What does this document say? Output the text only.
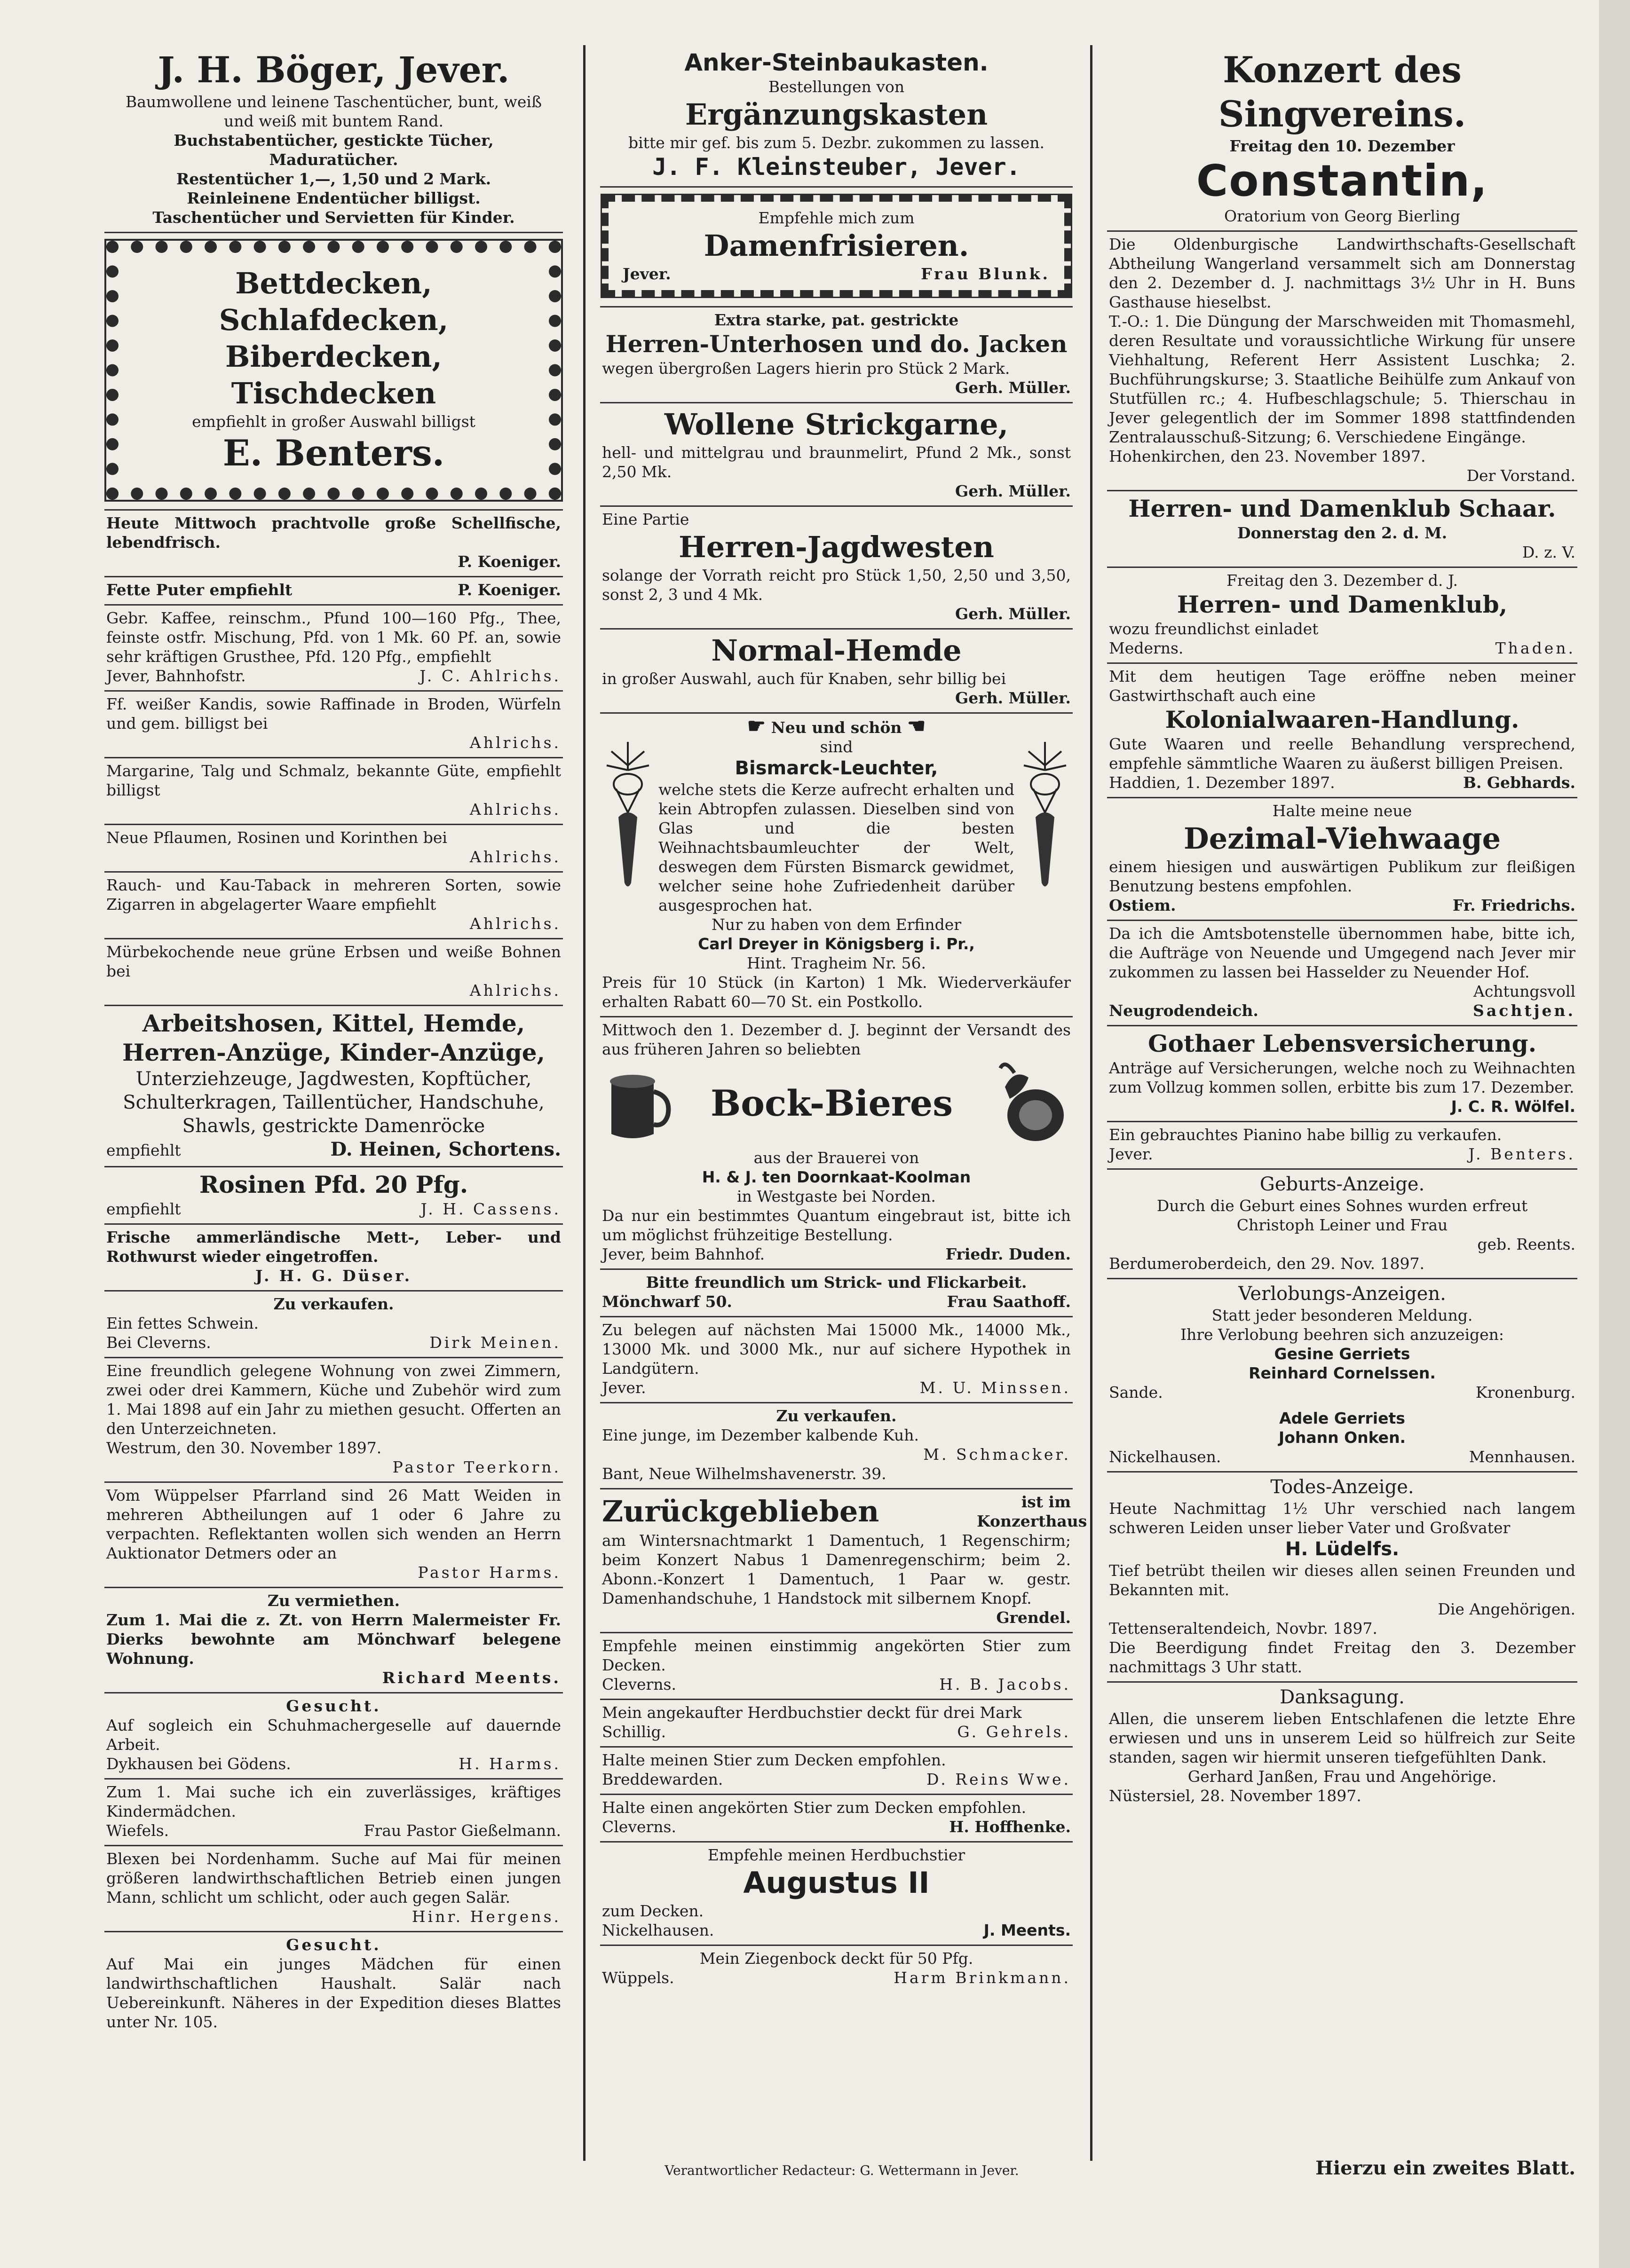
J. H. Böger, Jever.

Baumwollene und leinene Taschentücher, bunt, weiß

und weiß mit buntem Rand.

Buchstabentücher, gestickte Tücher,

Maduratücher.

Restentücher 1,—, 1,50 und 2 Mark.

Reinleinene Endentücher billigst.

Taschentücher und Servietten für Kinder.

Bettdecken,
Schlafdecken,
Biberdecken,
Tischdecken

empfiehlt in großer Auswahl billigst

E. Benters.

Heute Mittwoch prachtvolle große Schellfische, lebendfrisch.

P. Koeniger.

Fette Puter empfiehlt	P. Koeniger.

Gebr. Kaffee, reinschm., Pfund 100—160 Pfg., Thee, feinste ostfr. Mischung, Pfd. von 1 Mk. 60 Pf. an, sowie sehr kräftigen Grusthee, Pfd. 120 Pfg., empfiehlt

Jever, Bahnhofstr.	J. C. Ahlrichs.

Ff. weißer Kandis, sowie Raffinade in Broden, Würfeln und gem. billigst bei

Ahlrichs.

Margarine, Talg und Schmalz, bekannte Güte, empfiehlt billigst

Ahlrichs.

Neue Pflaumen, Rosinen und Korinthen bei

Ahlrichs.

Rauch- und Kau-Taback in mehreren Sorten, sowie Zigarren in abgelagerter Waare empfiehlt

Ahlrichs.

Mürbekochende neue grüne Erbsen und weiße Bohnen bei

Ahlrichs.

Arbeitshosen, Kittel, Hemde,
Herren-Anzüge, Kinder-Anzüge,
Unterziehzeuge, Jagdwesten, Kopftücher,
Schulterkragen, Taillentücher, Handschuhe,
Shawls, gestrickte Damenröcke
empfiehlt	D. Heinen, Schortens.
Rosinen Pfd. 20 Pfg.
empfiehlt	J. H. Cassens.

Frische ammerländische Mett-, Leber- und Rothwurst wieder eingetroffen.

J. H. G. Düser.

Zu verkaufen.

Ein fettes Schwein.

Bei Cleverns.	Dirk Meinen.

Eine freundlich gelegene Wohnung von zwei Zimmern, zwei oder drei Kammern, Küche und Zubehör wird zum 1. Mai 1898 auf ein Jahr zu miethen gesucht. Offerten an den Unterzeichneten.

Westrum, den 30. November 1897.

Pastor Teerkorn.

Vom Wüppelser Pfarrland sind 26 Matt Weiden in mehreren Abtheilungen auf 1 oder 6 Jahre zu verpachten. Reflektanten wollen sich wenden an Herrn Auktionator Detmers oder an

Pastor Harms.

Zu vermiethen.

Zum 1. Mai die z. Zt. von Herrn Malermeister Fr. Dierks bewohnte am Mönchwarf belegene Wohnung.

Richard Meents.

Gesucht.

Auf sogleich ein Schuhmachergeselle auf dauernde Arbeit.

Dykhausen bei Gödens.	H. Harms.

Zum 1. Mai suche ich ein zuverlässiges, kräftiges Kindermädchen.

Wiefels.	Frau Pastor Gießelmann.

Blexen bei Nordenhamm. Suche auf Mai für meinen größeren landwirthschaftlichen Betrieb einen jungen Mann, schlicht um schlicht, oder auch gegen Salär.

Hinr. Hergens.

Gesucht.

Auf Mai ein junges Mädchen für einen landwirthschaftlichen Haushalt. Salär nach Uebereinkunft. Näheres in der Expedition dieses Blattes unter Nr. 105.

Anker-Steinbaukasten.

Bestellungen von

Ergänzungskasten

bitte mir gef. bis zum 5. Dezbr. zukommen zu lassen.

J. F. Kleinsteuber, Jever.

Empfehle mich zum

Damenfrisieren.
Jever.	Frau Blunk.

Extra starke, pat. gestrickte

Herren-Unterhosen und do. Jacken

wegen übergroßen Lagers hierin pro Stück 2 Mark.

Gerh. Müller.

Wollene Strickgarne,

hell- und mittelgrau und braunmelirt, Pfund 2 Mk., sonst 2,50 Mk.

Gerh. Müller.

Eine Partie

Herren-Jagdwesten

solange der Vorrath reicht pro Stück 1,50, 2,50 und 3,50, sonst 2, 3 und 4 Mk.

Gerh. Müller.

Normal-Hemde

in großer Auswahl, auch für Knaben, sehr billig bei

Gerh. Müller.

☛ Neu und schön ☚

sind

Bismarck-Leuchter,

welche stets die Kerze aufrecht erhalten und kein Abtropfen zulassen. Dieselben sind von Glas und die besten Weihnachtsbaumleuchter der Welt, deswegen dem Fürsten Bismarck gewidmet, welcher seine hohe Zufriedenheit darüber ausgesprochen hat.

Nur zu haben von dem Erfinder

Carl Dreyer in Königsberg i. Pr.,

Hint. Tragheim Nr. 56.

Preis für 10 Stück (in Karton) 1 Mk. Wiederverkäufer erhalten Rabatt 60—70 St. ein Postkollo.

Mittwoch den 1. Dezember d. J. beginnt der Versandt des aus früheren Jahren so beliebten

Bock-Bieres

aus der Brauerei von

H. & J. ten Doornkaat-Koolman

in Westgaste bei Norden.

Da nur ein bestimmtes Quantum eingebraut ist, bitte ich um möglichst frühzeitige Bestellung.

Jever, beim Bahnhof.	Friedr. Duden.

Bitte freundlich um Strick- und Flickarbeit.

Mönchwarf 50.	Frau Saathoff.

Zu belegen auf nächsten Mai 15000 Mk., 14000 Mk., 13000 Mk. und 3000 Mk., nur auf sichere Hypothek in Landgütern.

Jever.	M. U. Minssen.

Zu verkaufen.

Eine junge, im Dezember kalbende Kuh.

M. Schmacker.

Bant, Neue Wilhelmshavenerstr. 39.

Zurückgeblieben	ist im Konzerthaus

am Wintersnachtmarkt 1 Damentuch, 1 Regenschirm; beim Konzert Nabus 1 Damenregenschirm; beim 2. Abonn.-Konzert 1 Damentuch, 1 Paar w. gestr. Damenhandschuhe, 1 Handstock mit silbernem Knopf.

Grendel.

Empfehle meinen einstimmig angekörten Stier zum Decken.

Cleverns.	H. B. Jacobs.

Mein angekaufter Herdbuchstier deckt für drei Mark

Schillig.	G. Gehrels.

Halte meinen Stier zum Decken empfohlen.

Breddewarden.	D. Reins Wwe.

Halte einen angekörten Stier zum Decken empfohlen.

Cleverns.	H. Hoffhenke.

Empfehle meinen Herdbuchstier

Augustus II

zum Decken.

Nickelhausen.	J. Meents.

Mein Ziegenbock deckt für 50 Pfg.

Wüppels.	Harm Brinkmann.
Konzert des Singvereins.

Freitag den 10. Dezember

Constantin,

Oratorium von Georg Bierling

Die Oldenburgische Landwirthschafts-Gesellschaft Abtheilung Wangerland versammelt sich am Donnerstag den 2. Dezember d. J. nachmittags 3½ Uhr in H. Buns Gasthause hieselbst.

T.-O.: 1. Die Düngung der Marschweiden mit Thomasmehl, deren Resultate und voraussichtliche Wirkung für unsere Viehhaltung, Referent Herr Assistent Luschka; 2. Buchführungskurse; 3. Staatliche Beihülfe zum Ankauf von Stutfüllen rc.; 4. Hufbeschlagschule; 5. Thierschau in Jever gelegentlich der im Sommer 1898 stattfindenden Zentralausschuß-Sitzung; 6. Verschiedene Eingänge.

Hohenkirchen, den 23. November 1897.

Der Vorstand.

Herren- und Damenklub Schaar.

Donnerstag den 2. d. M.

D. z. V.

Freitag den 3. Dezember d. J.

Herren- und Damenklub,

wozu freundlichst einladet

Mederns.	Thaden.

Mit dem heutigen Tage eröffne neben meiner Gastwirthschaft auch eine

Kolonialwaaren-Handlung.

Gute Waaren und reelle Behandlung versprechend, empfehle sämmtliche Waaren zu äußerst billigen Preisen.

Haddien, 1. Dezember 1897.	B. Gebhards.

Halte meine neue

Dezimal-Viehwaage

einem hiesigen und auswärtigen Publikum zur fleißigen Benutzung bestens empfohlen.

Ostiem.	Fr. Friedrichs.

Da ich die Amtsbotenstelle übernommen habe, bitte ich, die Aufträge von Neuende und Umgegend nach Jever mir zukommen zu lassen bei Hasselder zu Neuender Hof.

Achtungsvoll

Neugrodendeich.	Sachtjen.
Gothaer Lebensversicherung.

Anträge auf Versicherungen, welche noch zu Weihnachten zum Vollzug kommen sollen, erbitte bis zum 17. Dezember.

J. C. R. Wölfel.

Ein gebrauchtes Pianino habe billig zu verkaufen.

Jever.	J. Benters.
Geburts-Anzeige.

Durch die Geburt eines Sohnes wurden erfreut

Christoph Leiner und Frau

geb. Reents.

Berdumeroberdeich, den 29. Nov. 1897.

Verlobungs-Anzeigen.

Statt jeder besonderen Meldung.

Ihre Verlobung beehren sich anzuzeigen:

Gesine Gerriets

Reinhard Cornelssen.

Sande.	Kronenburg.

Adele Gerriets

Johann Onken.

Nickelhausen.	Mennhausen.
Todes-Anzeige.

Heute Nachmittag 1½ Uhr verschied nach langem schweren Leiden unser lieber Vater und Großvater

H. Lüdelfs.

Tief betrübt theilen wir dieses allen seinen Freunden und Bekannten mit.

Die Angehörigen.

Tettenseraltendeich, Novbr. 1897.

Die Beerdigung findet Freitag den 3. Dezember nachmittags 3 Uhr statt.

Danksagung.

Allen, die unserem lieben Entschlafenen die letzte Ehre erwiesen und uns in unserem Leid so hülfreich zur Seite standen, sagen wir hiermit unseren tiefgefühlten Dank.

Gerhard Janßen, Frau und Angehörige.

Nüstersiel, 28. November 1897.

Verantwortlicher Redacteur: G. Wettermann in Jever.	Hierzu ein zweites Blatt.
